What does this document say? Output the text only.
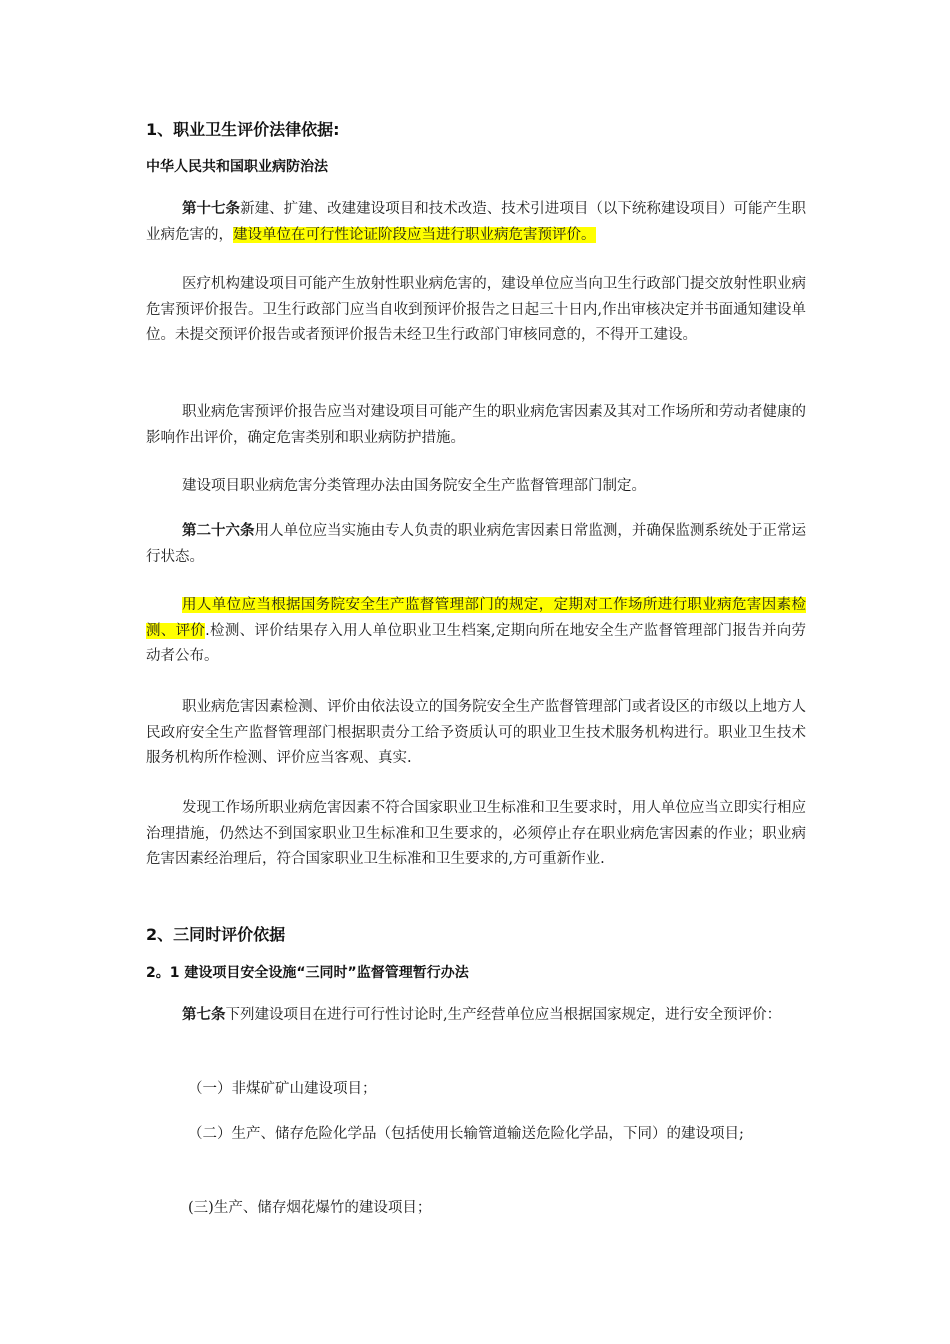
1、职业卫生评价法律依据:
中华人民共和国职业病防治法

第十七条新建、扩建、改建建设项目和技术改造、技术引进项目（以下统称建设项目）可能产生职业病危害的，建设单位在可行性论证阶段应当进行职业病危害预评价。

医疗机构建设项目可能产生放射性职业病危害的，建设单位应当向卫生行政部门提交放射性职业病危害预评价报告。卫生行政部门应当自收到预评价报告之日起三十日内,作出审核决定并书面通知建设单位。未提交预评价报告或者预评价报告未经卫生行政部门审核同意的，不得开工建设。

职业病危害预评价报告应当对建设项目可能产生的职业病危害因素及其对工作场所和劳动者健康的影响作出评价，确定危害类别和职业病防护措施。

建设项目职业病危害分类管理办法由国务院安全生产监督管理部门制定。

第二十六条用人单位应当实施由专人负责的职业病危害因素日常监测，并确保监测系统处于正常运行状态。

用人单位应当根据国务院安全生产监督管理部门的规定，定期对工作场所进行职业病危害因素检测、评价.检测、评价结果存入用人单位职业卫生档案,定期向所在地安全生产监督管理部门报告并向劳动者公布。

职业病危害因素检测、评价由依法设立的国务院安全生产监督管理部门或者设区的市级以上地方人民政府安全生产监督管理部门根据职责分工给予资质认可的职业卫生技术服务机构进行。职业卫生技术服务机构所作检测、评价应当客观、真实.

发现工作场所职业病危害因素不符合国家职业卫生标准和卫生要求时，用人单位应当立即实行相应治理措施，仍然达不到国家职业卫生标准和卫生要求的，必须停止存在职业病危害因素的作业；职业病危害因素经治理后，符合国家职业卫生标准和卫生要求的,方可重新作业.

2、三同时评价依据
2。1 建设项目安全设施“三同时”监督管理暂行办法

第七条下列建设项目在进行可行性讨论时,生产经营单位应当根据国家规定，进行安全预评价：

（一）非煤矿矿山建设项目；

（二）生产、储存危险化学品（包括使用长输管道输送危险化学品，下同）的建设项目;

(三)生产、储存烟花爆竹的建设项目；
